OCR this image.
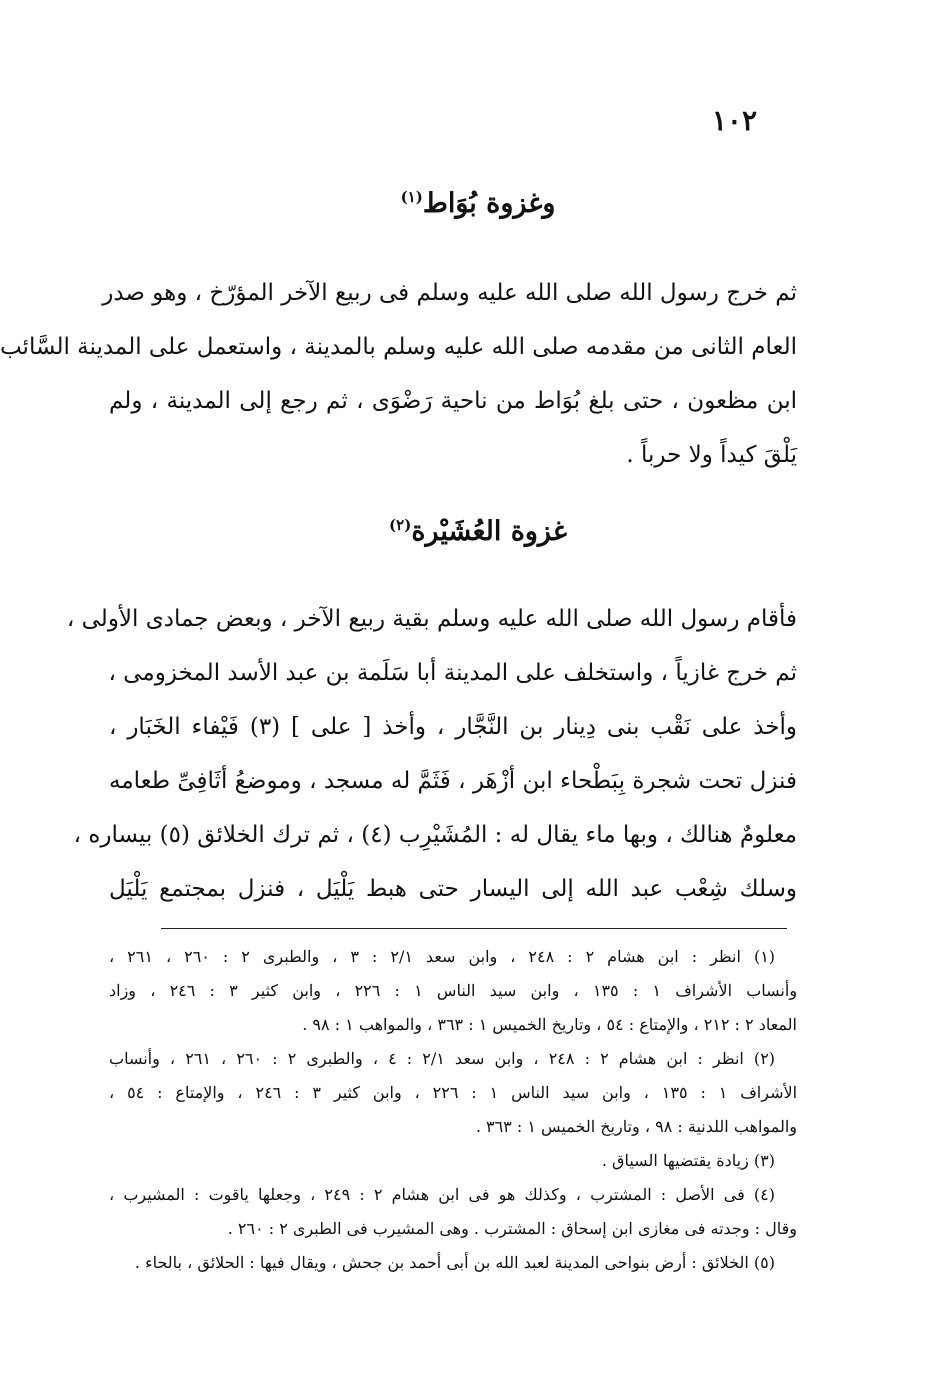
١٠٢
وغزوة بُوَاط$^{(١)}$
ثم خرج رسول الله صلى الله عليه وسلم فى ربيع الآخر المؤرّخ ، وهو صدر
العام الثانى من مقدمه صلى الله عليه وسلم بالمدينة ، واستعمل على المدينة السَّائب
ابن مظعون ، حتى بلغ بُوَاط من ناحية رَضْوَى ، ثم رجع إلى المدينة ، ولم
يَلْقَ كيداً ولا حرباً .
غزوة العُشَيْرة$^{(٢)}$
فأقام رسول الله صلى الله عليه وسلم بقية ربيع الآخر ، وبعض جمادى الأولى ،
ثم خرج غازياً ، واستخلف على المدينة أبا سَلَمة بن عبد الأسد المخزومى ،
وأخذ على نَقْب بنى دِينار بن النَّجَّار ، وأخذ [ على ] (٣) فَيْفاء الخَبَار ،
فنزل تحت شجرة بِبَطْحاء ابن أزْهَر ، فَثَمَّ له مسجد ، وموضعُ أثَافِىِّ طعامه
معلومٌ هنالك ، وبها ماء يقال له : المُشَيْرِب (٤) ، ثم ترك الخلائق (٥) بيساره ،
وسلك شِعْب عبد الله إلى اليسار حتى هبط يَلْيَل ، فنزل بمجتمع يَلْيَل
(١) انظر : ابن هشام ٢ : ٢٤٨ ، وابن سعد ٢/١ : ٣ ، والطبرى ٢ : ٢٦٠ ، ٢٦١ ،
وأنساب الأشراف ١ : ١٣٥ ، وابن سيد الناس ١ : ٢٢٦ ، وابن كثير ٣ : ٢٤٦ ، وزاد
المعاد ٢ : ٢١٢ ، والإمتاع : ٥٤ ، وتاريخ الخميس ١ : ٣٦٣ ، والمواهب ١ : ٩٨ .
(٢) انظر : ابن هشام ٢ : ٢٤٨ ، وابن سعد ٢/١ : ٤ ، والطبرى ٢ : ٢٦٠ ، ٢٦١ ، وأنساب
الأشراف ١ : ١٣٥ ، وابن سيد الناس ١ : ٢٢٦ ، وابن كثير ٣ : ٢٤٦ ، والإمتاع : ٥٤ ،
والمواهب اللدنية : ٩٨ ، وتاريخ الخميس ١ : ٣٦٣ .
(٣) زيادة يقتضيها السياق .
(٤) فى الأصل : المشترب ، وكذلك هو فى ابن هشام ٢ : ٢٤٩ ، وجعلها ياقوت : المشيرب ،
وقال : وجدته فى مغازى ابن إسحاق : المشترب . وهى المشيرب فى الطبرى ٢ : ٢٦٠ .
(٥) الخلائق : أرض بنواحى المدينة لعبد الله بن أبى أحمد بن جحش ، ويقال فيها : الحلائق ، بالحاء .
